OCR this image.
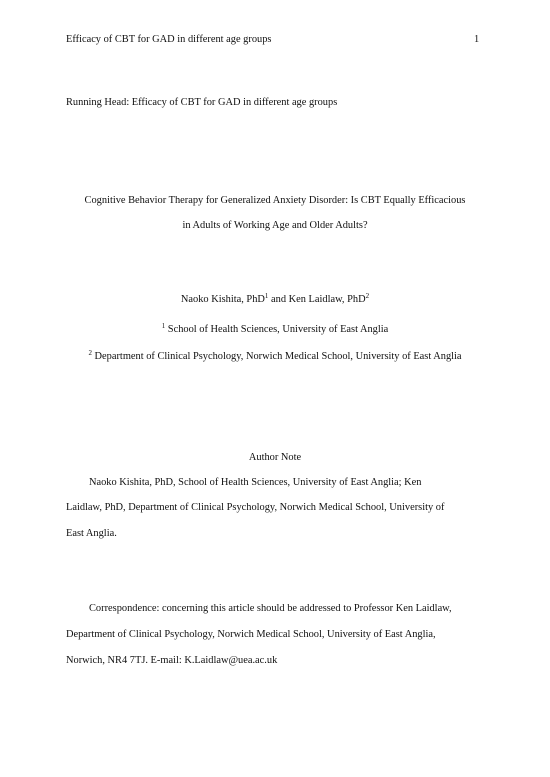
Efficacy of CBT for GAD in different age groups	1
Running Head: Efficacy of CBT for GAD in different age groups
Cognitive Behavior Therapy for Generalized Anxiety Disorder: Is CBT Equally Efficacious
in Adults of Working Age and Older Adults?
Naoko Kishita, PhD$^1$ and Ken Laidlaw, PhD$^2$
$^1$ School of Health Sciences, University of East Anglia
$^2$ Department of Clinical Psychology, Norwich Medical School, University of East Anglia
Author Note
Naoko Kishita, PhD, School of Health Sciences, University of East Anglia; Ken
Laidlaw, PhD, Department of Clinical Psychology, Norwich Medical School, University of
East Anglia.
Correspondence: concerning this article should be addressed to Professor Ken Laidlaw,
Department of Clinical Psychology, Norwich Medical School, University of East Anglia,
Norwich, NR4 7TJ. E-mail: K.Laidlaw@uea.ac.uk
